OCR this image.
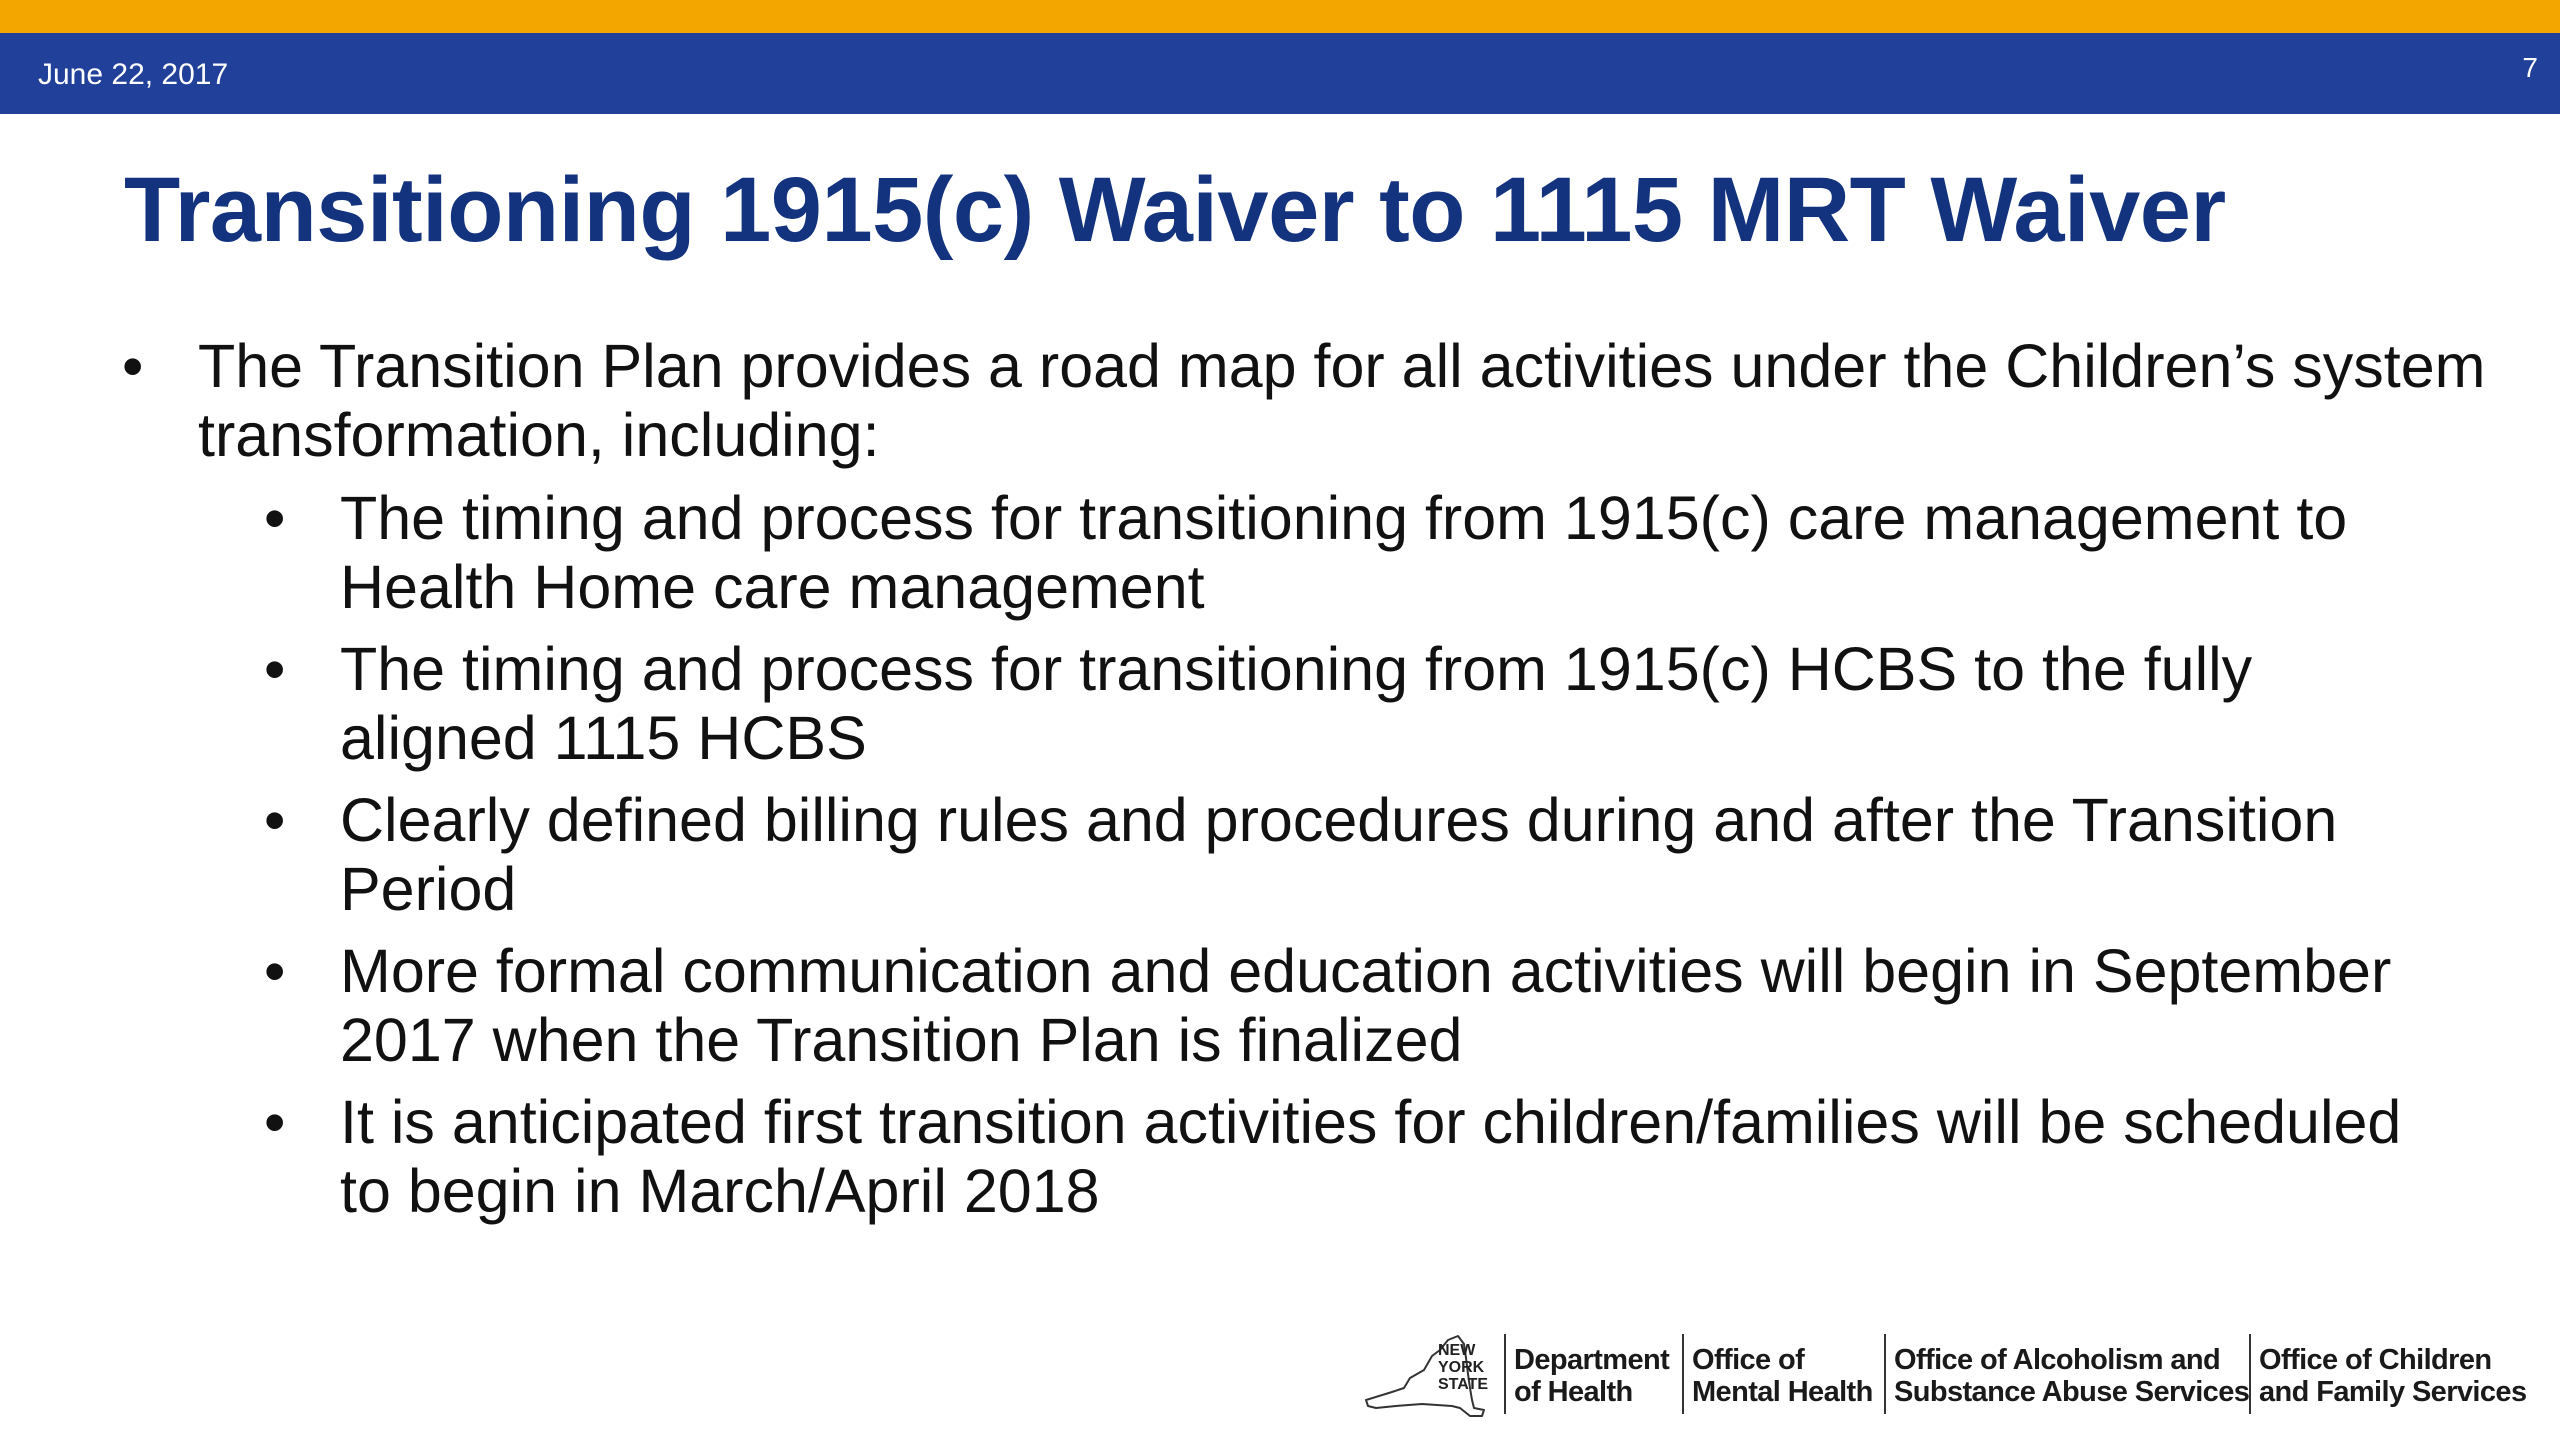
June 22, 2017	7
Transitioning 1915(c) Waiver to 1115 MRT Waiver
• The Transition Plan provides a road map for all activities under the Children’s system transformation, including:
• The timing and process for transitioning from 1915(c) care management to Health Home care management
• The timing and process for transitioning from 1915(c) HCBS to the fully aligned 1115 HCBS
• Clearly defined billing rules and procedures during and after the Transition Period
• More formal communication and education activities will begin in September 2017 when the Transition Plan is finalized
• It is anticipated first transition activities for children/families will be scheduled to begin in March/April 2018
NEW
YORK
STATE
Department
of Health
Office of
Mental Health
Office of Alcoholism and
Substance Abuse Services
Office of Children
and Family Services
